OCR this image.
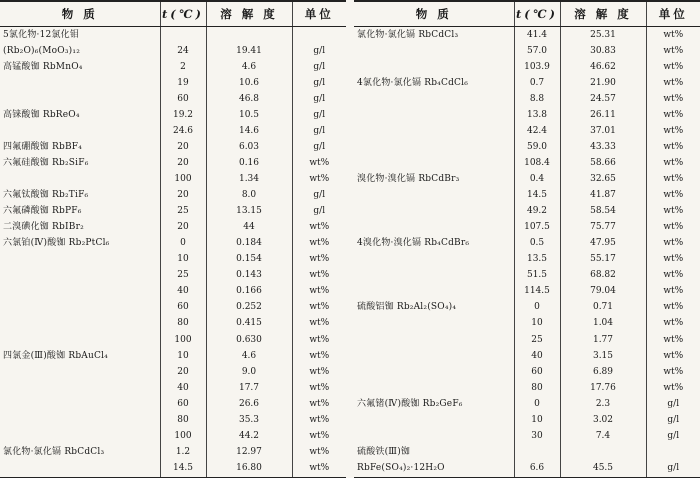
物 质	t(℃)	溶 解 度	单位
5氯化物·12氯化钼			
(Rb₂O)₆(MoO₃)₁₂	24	19.41	g/l
高锰酸铷 RbMnO₄	2	4.6	g/l
	19	10.6	g/l
	60	46.8	g/l
高铼酸铷 RbReO₄	19.2	10.5	g/l
	24.6	14.6	g/l
四氟硼酸铷 RbBF₄	20	6.03	g/l
六氟硅酸铷 Rb₂SiF₆	20	0.16	wt%
	100	1.34	wt%
六氟钛酸铷 Rb₂TiF₆	20	8.0	g/l
六氟磷酸铷 RbPF₆	25	13.15	g/l
二溴碘化铷 RbIBr₂	20	44	wt%
六氯铂(Ⅳ)酸铷 Rb₂PtCl₆	0	0.184	wt%
	10	0.154	wt%
	25	0.143	wt%
	40	0.166	wt%
	60	0.252	wt%
	80	0.415	wt%
	100	0.630	wt%
四氯金(Ⅲ)酸铷 RbAuCl₄	10	4.6	wt%
	20	9.0	wt%
	40	17.7	wt%
	60	26.6	wt%
	80	35.3	wt%
	100	44.2	wt%
氯化物·氯化镉 RbCdCl₃	1.2	12.97	wt%
	14.5	16.80	wt%
物 质	t(℃)	溶 解 度	单位
氯化物·氯化镉 RbCdCl₃	41.4	25.31	wt%
	57.0	30.83	wt%
	103.9	46.62	wt%
4氯化物·氯化镉 Rb₄CdCl₆	0.7	21.90	wt%
	8.8	24.57	wt%
	13.8	26.11	wt%
	42.4	37.01	wt%
	59.0	43.33	wt%
	108.4	58.66	wt%
溴化物·溴化镉 RbCdBr₃	0.4	32.65	wt%
	14.5	41.87	wt%
	49.2	58.54	wt%
	107.5	75.77	wt%
4溴化物·溴化镉 Rb₄CdBr₆	0.5	47.95	wt%
	13.5	55.17	wt%
	51.5	68.82	wt%
	114.5	79.04	wt%
硫酸铝铷 Rb₂Al₂(SO₄)₄	0	0.71	wt%
	10	1.04	wt%
	25	1.77	wt%
	40	3.15	wt%
	60	6.89	wt%
	80	17.76	wt%
六氟锗(Ⅳ)酸铷 Rb₂GeF₆	0	2.3	g/l
	10	3.02	g/l
	30	7.4	g/l
硫酸铁(Ⅲ)铷			
RbFe(SO₄)₂·12H₂O	6.6	45.5	g/l
